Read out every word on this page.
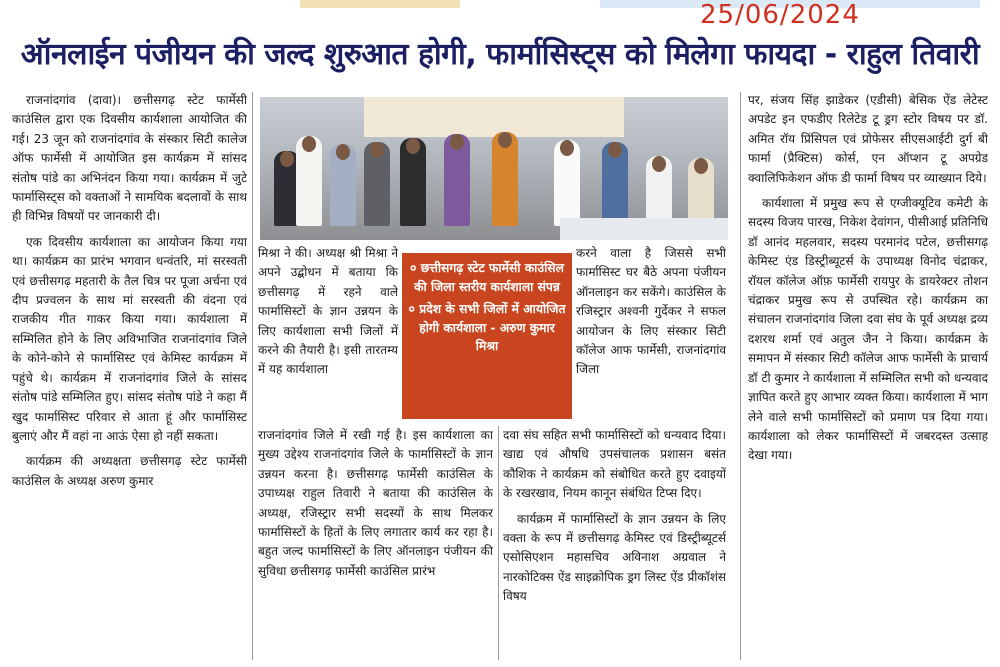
25/06/2024
ऑनलाईन पंजीयन की जल्द शुरुआत होगी, फार्मासिस्ट्स को मिलेगा फायदा - राहुल तिवारी

राजनांदगांव (दावा)। छत्तीसगढ़ स्टेट फार्मेसी काउंसिल द्वारा एक दिवसीय कार्यशाला आयोजित की गई। 23 जून को राजनांदगांव के संस्कार सिटी कालेज ऑफ फार्मेसी में आयोजित इस कार्यक्रम में सांसद संतोष पांडे का अभिनंदन किया गया। कार्यक्रम में जुटे फार्मासिस्ट्स को वक्ताओं ने सामयिक बदलावों के साथ ही विभिन्न विषयों पर जानकारी दी।

एक दिवसीय कार्यशाला का आयोजन किया गया था। कार्यक्रम का प्रारंभ भगवान धन्वंतरि, मां सरस्वती एवं छत्तीसगढ़ महतारी के तैल चित्र पर पूजा अर्चना एवं दीप प्रज्वलन के साथ मां सरस्वती की वंदना एवं राजकीय गीत गाकर किया गया। कार्यशाला में सम्मिलित होने के लिए अविभाजित राजनांदगांव जिले के कोने-कोने से फार्मासिस्ट एवं केमिस्ट कार्यक्रम में पहुंचे थे। कार्यक्रम में राजनांदगांव जिले के सांसद संतोष पांडे सम्मिलित हुए। सांसद संतोष पांडे ने कहा मैं खुद फार्मासिस्ट परिवार से आता हूं और फार्मासिस्ट बुलाएं और मैं वहां ना आऊं ऐसा हो नहीं सकता।

कार्यक्रम की अध्यक्षता छत्तीसगढ़ स्टेट फार्मेसी काउंसिल के अध्यक्ष अरुण कुमार

० छत्तीसगढ़ स्टेट फार्मेसी काउंसिल की जिला स्तरीय कार्यशाला संपन्न
० प्रदेश के सभी जिलों में आयोजित होगी कार्यशाला - अरुण कुमार मिश्रा

मिश्रा ने की। अध्यक्ष श्री मिश्रा ने अपने उद्बोधन में बताया कि छत्तीसगढ़ में रहने वाले फार्मासिस्टों के ज्ञान उन्नयन के लिए कार्यशाला सभी जिलों में करने की तैयारी है। इसी तारतम्य में यह कार्यशाला

राजनांदगांव जिले में रखी गई है। इस कार्यशाला का मुख्य उद्देश्य राजनांदगांव जिले के फार्मासिस्टों के ज्ञान उन्नयन करना है। छत्तीसगढ़ फार्मेसी काउंसिल के उपाध्यक्ष राहुल तिवारी ने बताया की काउंसिल के अध्यक्ष, रजिस्ट्रार सभी सदस्यों के साथ मिलकर फार्मासिस्टों के हितों के लिए लगातार कार्य कर रहा है। बहुत जल्द फार्मासिस्टों के लिए ऑनलाइन पंजीयन की सुविधा छत्तीसगढ़ फार्मेसी काउंसिल प्रारंभ

करने वाला है जिससे सभी फार्मासिस्ट घर बैठे अपना पंजीयन ऑनलाइन कर सकेंगे। काउंसिल के रजिस्ट्रार अश्वनी गुर्देकर ने सफल आयोजन के लिए संस्कार सिटी कॉलेज आफ फार्मेसी, राजनांदगांव जिला

दवा संघ सहित सभी फार्मासिस्टों को धन्यवाद दिया। खाद्य एवं औषधि उपसंचालक प्रशासन बसंत कौशिक ने कार्यक्रम को संबोधित करते हुए दवाइयों के रखरखाव, नियम कानून संबंधित टिप्स दिए।

कार्यक्रम में फार्मासिस्टों के ज्ञान उन्नयन के लिए वक्ता के रूप में छत्तीसगढ़ केमिस्ट एवं डिस्ट्रीब्यूटर्स एसोसिएशन महासचिव अविनाश अग्रवाल ने नारकोटिक्स ऐंड साइक्रोपिक ड्रग लिस्ट ऐंड प्रीकॉशंस विषय

पर, संजय सिंह झाडेकर (एडीसी) बेसिक ऐंड लेटेस्ट अपडेट इन एफडीए रिलेटेड टू ड्रग स्टोर विषय पर डॉ. अमित रॉय प्रिंसिपल एवं प्रोफेसर सीएसआईटी दुर्ग बी फार्मा (प्रैक्टिस) कोर्स, एन ऑप्शन टू अपग्रेड क्वालिफिकेशन ऑफ डी फार्मा विषय पर व्याख्यान दिये।

कार्यशाला में प्रमुख रूप से एग्जीक्यूटिव कमेटी के सदस्य विजय पारख, निकेश देवांगन, पीसीआई प्रतिनिधि डॉ आनंद महलवार, सदस्य परमानंद पटेल, छत्तीसगढ़ केमिस्ट एंड डिस्ट्रीब्यूटर्स के उपाध्यक्ष विनोद चंद्राकर, रॉयल कॉलेज ऑफ़ फार्मेसी रायपुर के डायरेक्टर तोशन चंद्राकर प्रमुख रूप से उपस्थित रहे। कार्यक्रम का संचालन राजनांदगांव जिला दवा संघ के पूर्व अध्यक्ष द्रव्य दशरथ शर्मा एवं अतुल जैन ने किया। कार्यक्रम के समापन में संस्कार सिटी कॉलेज आफ फार्मेसी के प्राचार्य डॉ टी कुमार ने कार्यशाला में सम्मिलित सभी को धन्यवाद ज्ञापित करते हुए आभार व्यक्त किया। कार्यशाला में भाग लेने वाले सभी फार्मासिस्टों को प्रमाण पत्र दिया गया। कार्यशाला को लेकर फार्मासिस्टों में जबरदस्त उत्साह देखा गया।
